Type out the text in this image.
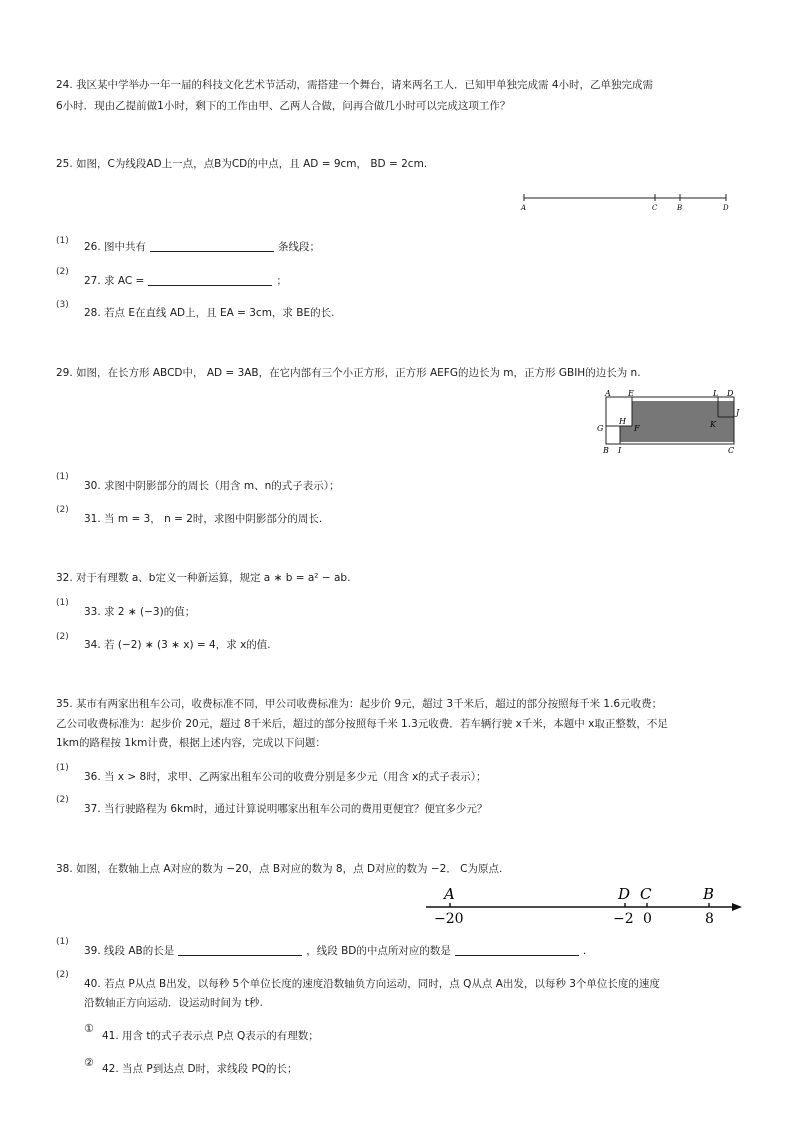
24. 我区某中学举办一年一届的科技文化艺术节活动，需搭建一个舞台，请来两名工人．已知甲单独完成需 4小时，乙单独完成需
6小时．现由乙提前做1小时，剩下的工作由甲、乙两人合做，问再合做几小时可以完成这项工作？
25. 如图，C为线段AD上一点，点B为CD的中点，且 AD = 9cm， BD = 2cm.
A	C	B	D
(1) 26. 图中共有	条线段；
(2)
27. 求 AC =	；
(3)
28. 若点 E在直线 AD上，且 EA = 3cm，求 BE的长.
29. 如图，在长方形 ABCD中， AD = 3AB，在它内部有三个小正方形，正方形 AEFG的边长为 m，正方形 GBIH的边长为 n.
A E	L D
J
G
H
F	K
B I	C
(1)
30. 求图中阴影部分的周长（用含 m、n的式子表示）；
(2)
31. 当 m = 3， n = 2时，求图中阴影部分的周长.
32. 对于有理数 a、b定义一种新运算，规定 a ∗ b = a² − ab.
(1)
33. 求 2 ∗ (−3)的值；
(2)
34. 若 (−2) ∗ (3 ∗ x) = 4，求 x的值.
35. 某市有两家出租车公司，收费标准不同，甲公司收费标准为：起步价 9元，超过 3千米后，超过的部分按照每千米 1.6元收费；
乙公司收费标准为：起步价 20元，超过 8千米后，超过的部分按照每千米 1.3元收费．若车辆行驶 x千米，本题中 x取正整数，不足
1km的路程按 1km计费，根据上述内容，完成以下问题：
(1)
36. 当 x > 8时，求甲、乙两家出租车公司的收费分别是多少元（用含 x的式子表示）；
(2)
37. 当行驶路程为 6km时，通过计算说明哪家出租车公司的费用更便宜？便宜多少元？
38. 如图，在数轴上点 A对应的数为 −20，点 B对应的数为 8，点 D对应的数为 −2． C为原点.
A	D C	B
−20	−2 0	8
(1)
39. 线段 AB的长是	，线段 BD的中点所对应的数是	.
(2)
40. 若点 P从点 B出发，以每秒 5个单位长度的速度沿数轴负方向运动，同时，点 Q从点 A出发，以每秒 3个单位长度的速度
沿数轴正方向运动．设运动时间为 t秒.
①
41. 用含 t的式子表示点 P点 Q表示的有理数；
② 42. 当点 P到达点 D时，求线段 PQ的长；
